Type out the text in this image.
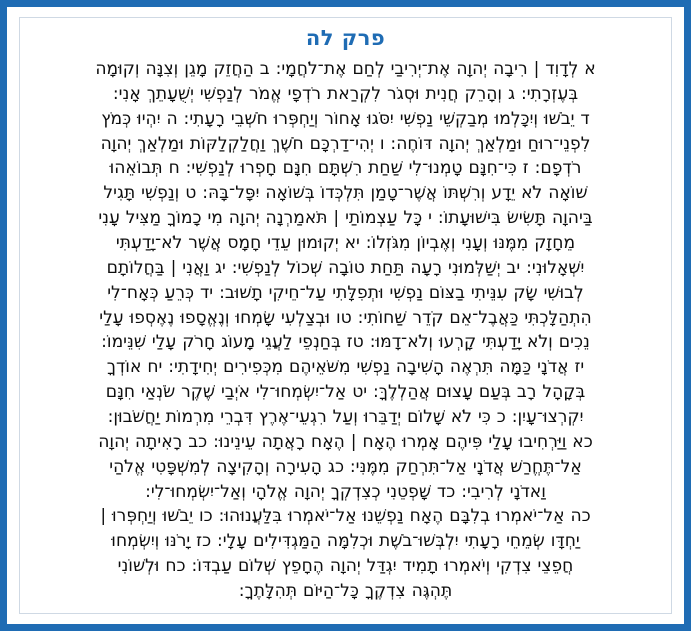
פרק לה
א לְדָוִד | רִיבָה יְהוָה אֶת־יְרִיבַי לְחַם אֶת־לֹחֲמָי: ב הַחֲזֵק מָגֵן וְצִנָּה וְקוּמָה
בְּעֶזְרָתִי: ג וְהָרֵק חֲנִית וּסְגֹר לִקְרַאת רֹדְפָי אֱמֹר לְנַפְשִׁי יְשֻׁעָתֵךְ אָנִי:
ד יֵבֹשׁוּ וְיִכָּלְמוּ מְבַקְשֵׁי נַפְשִׁי יִסֹּגוּ אָחוֹר וְיַחְפְּרוּ חֹשְׁבֵי רָעָתִי: ה יִהְיוּ כְּמֹץ
לִפְנֵי־רוּחַ וּמַלְאַךְ יְהוָה דּוֹחֶה: ו יְהִי־דַרְכָּם חֹשֶׁךְ וַחֲלַקְלַקּוֹת וּמַלְאַךְ יְהוָה
רֹדְפָם: ז כִּי־חִנָּם טָמְנוּ־לִי שַׁחַת רִשְׁתָּם חִנָּם חָפְרוּ לְנַפְשִׁי: ח תְּבוֹאֵהוּ
שׁוֹאָה לֹא יֵדָע וְרִשְׁתּוֹ אֲשֶׁר־טָמַן תִּלְכְּדוֹ בְּשׁוֹאָה יִפָּל־בָּהּ: ט וְנַפְשִׁי תָּגִיל
בַּיהוָה תָּשִׂישׂ בִּישׁוּעָתוֹ: י כָּל עַצְמוֹתַי | תֹּאמַרְנָה יְהוָה מִי כָמוֹךָ מַצִּיל עָנִי
מֵחָזָק מִמֶּנּוּ וְעָנִי וְאֶבְיוֹן מִגֹּזְלוֹ: יא יְקוּמוּן עֵדֵי חָמָס אֲשֶׁר לֹא־יָדַעְתִּי
יִשְׁאָלוּנִי: יב יְשַׁלְּמוּנִי רָעָה תַּחַת טוֹבָה שְׁכוֹל לְנַפְשִׁי: יג וַאֲנִי | בַּחֲלוֹתָם
לְבוּשִׁי שָׂק עִנֵּיתִי בַצּוֹם נַפְשִׁי וּתְפִלָּתִי עַל־חֵיקִי תָשׁוּב: יד כְּרֵעַ כְּאָח־לִי
הִתְהַלָּכְתִּי כַּאֲבֶל־אֵם קֹדֵר שַׁחוֹתִי: טו וּבְצַלְעִי שָׂמְחוּ וְנֶאֱסָפוּ נֶאֶסְפוּ עָלַי
נֵכִים וְלֹא יָדַעְתִּי קָרְעוּ וְלֹא־דָמּוּ: טז בְּחַנְפֵי לַעֲגֵי מָעוֹג חָרֹק עָלַי שִׁנֵּימוֹ:
יז אֲדֹנָי כַּמָּה תִּרְאֶה הָשִׁיבָה נַפְשִׁי מִשֹּׁאֵיהֶם מִכְּפִירִים יְחִידָתִי: יח אוֹדְךָ
בְּקָהָל רָב בְּעַם עָצוּם אֲהַלְלֶךָּ: יט אַל־יִשְׂמְחוּ־לִי אֹיְבַי שֶׁקֶר שֹׂנְאַי חִנָּם
יִקְרְצוּ־עָיִן: כ כִּי לֹא שָׁלוֹם יְדַבֵּרוּ וְעַל רִגְעֵי־אֶרֶץ דִּבְרֵי מִרְמוֹת יַחֲשֹׁבוּן:
כא וַיַּרְחִיבוּ עָלַי פִּיהֶם אָמְרוּ הֶאָח | הֶאָח רָאֲתָה עֵינֵינוּ: כב רָאִיתָה יְהוָה
אַל־תֶּחֱרַשׁ אֲדֹנָי אַל־תִּרְחַק מִמֶּנִּי: כג הָעִירָה וְהָקִיצָה לְמִשְׁפָּטִי אֱלֹהַי
וַאדֹנָי לְרִיבִי: כד שָׁפְטֵנִי כְצִדְקְךָ יְהוָה אֱלֹהָי וְאַל־יִשְׂמְחוּ־לִי:
כה אַל־יֹאמְרוּ בְלִבָּם הֶאָח נַפְשֵׁנוּ אַל־יֹאמְרוּ בִּלַּעֲנוּהוּ: כו יֵבֹשׁוּ וְיַחְפְּרוּ |
יַחְדָּו שְׂמֵחֵי רָעָתִי יִלְבְּשׁוּ־בֹשֶׁת וּכְלִמָּה הַמַּגְדִּילִים עָלָי: כז יָרֹנּוּ וְיִשְׂמְחוּ
חֲפֵצֵי צִדְקִי וְיֹאמְרוּ תָמִיד יִגְדַּל יְהוָה הֶחָפֵץ שְׁלוֹם עַבְדּוֹ: כח וּלְשׁוֹנִי
תֶּהְגֶּה צִדְקֶךָ כָּל־הַיּוֹם תְּהִלָּתֶךָ:
